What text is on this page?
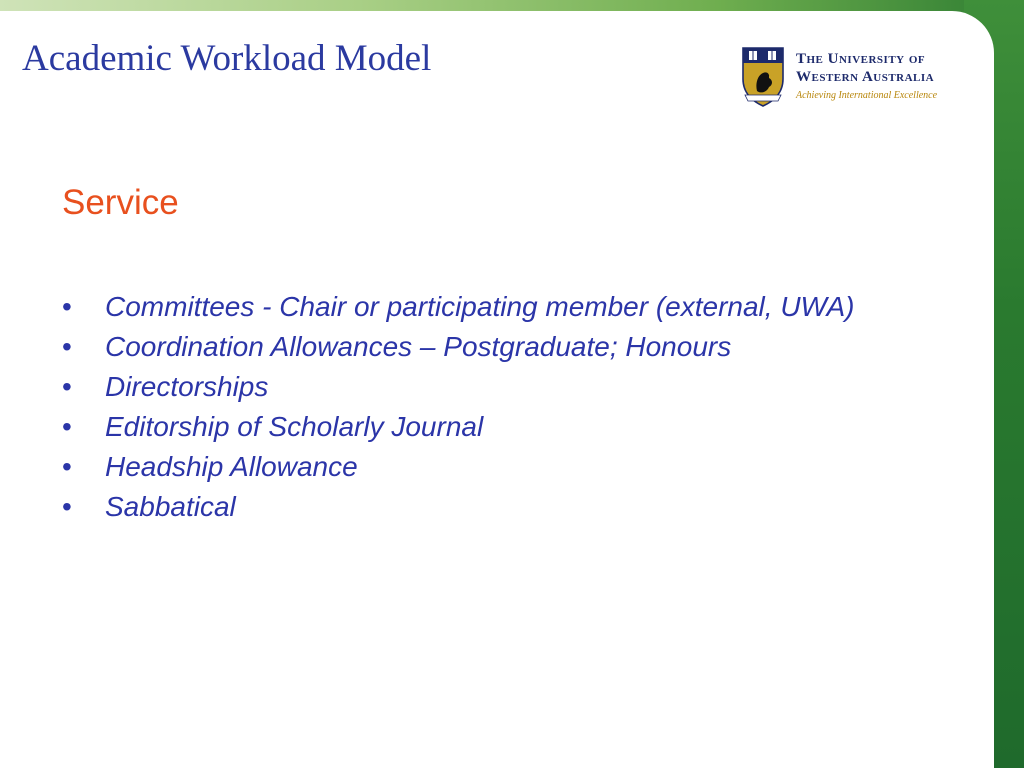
Academic Workload Model	The University of
Western Australia
Achieving International Excellence
Service
• Committees - Chair or participating member (external, UWA)
• Coordination Allowances – Postgraduate; Honours
• Directorships
• Editorship of Scholarly Journal
• Headship Allowance
• Sabbatical
